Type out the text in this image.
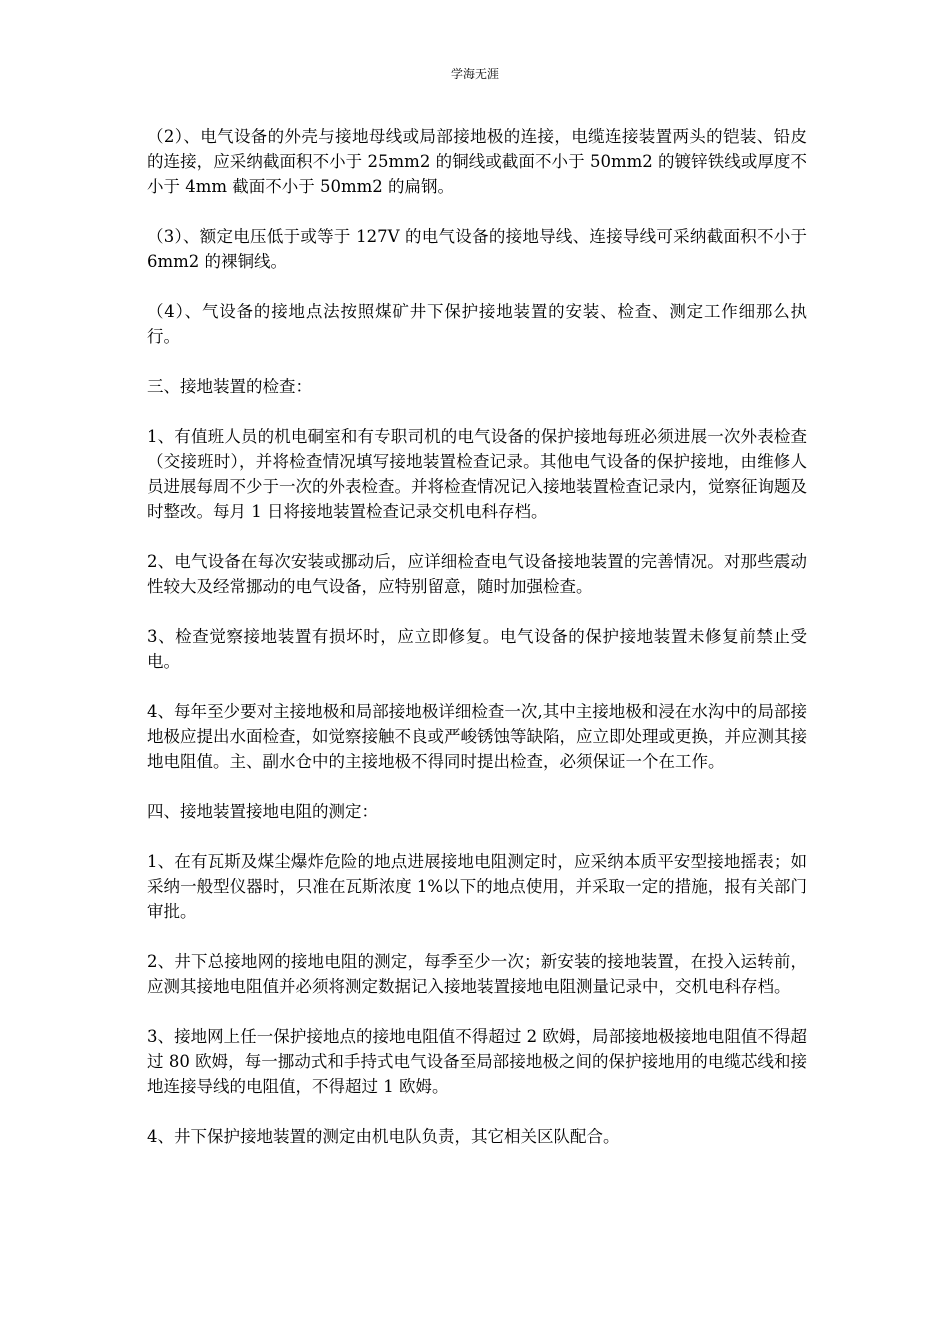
学海无涯

（2）、电气设备的外壳与接地母线或局部接地极的连接，电缆连接装置两头的铠装、铅皮的连接，应采纳截面积不小于 25mm2 的铜线或截面不小于 50mm2 的镀锌铁线或厚度不小于 4mm 截面不小于 50mm2 的扁钢。

（3）、额定电压低于或等于 127V 的电气设备的接地导线、连接导线可采纳截面积不小于 6mm2 的裸铜线。

（4）、气设备的接地点法按照煤矿井下保护接地装置的安装、检查、测定工作细那么执行。

三、接地装置的检查：

1、有值班人员的机电硐室和有专职司机的电气设备的保护接地每班必须进展一次外表检查（交接班时），并将检查情况填写接地装置检查记录。其他电气设备的保护接地，由维修人员进展每周不少于一次的外表检查。并将检查情况记入接地装置检查记录内，觉察征询题及时整改。每月 1 日将接地装置检查记录交机电科存档。

2、电气设备在每次安装或挪动后，应详细检查电气设备接地装置的完善情况。对那些震动性较大及经常挪动的电气设备，应特别留意，随时加强检查。

3、检查觉察接地装置有损坏时，应立即修复。电气设备的保护接地装置未修复前禁止受电。

4、每年至少要对主接地极和局部接地极详细检查一次,其中主接地极和浸在水沟中的局部接地极应提出水面检查，如觉察接触不良或严峻锈蚀等缺陷，应立即处理或更换，并应测其接地电阻值。主、副水仓中的主接地极不得同时提出检查，必须保证一个在工作。

四、接地装置接地电阻的测定：

1、在有瓦斯及煤尘爆炸危险的地点进展接地电阻测定时，应采纳本质平安型接地摇表；如采纳一般型仪器时，只准在瓦斯浓度 1%以下的地点使用，并采取一定的措施，报有关部门审批。

2、井下总接地网的接地电阻的测定，每季至少一次；新安装的接地装置，在投入运转前，应测其接地电阻值并必须将测定数据记入接地装置接地电阻测量记录中，交机电科存档。

3、接地网上任一保护接地点的接地电阻值不得超过 2 欧姆，局部接地极接地电阻值不得超过 80 欧姆，每一挪动式和手持式电气设备至局部接地极之间的保护接地用的电缆芯线和接地连接导线的电阻值，不得超过 1 欧姆。

4、井下保护接地装置的测定由机电队负责，其它相关区队配合。
